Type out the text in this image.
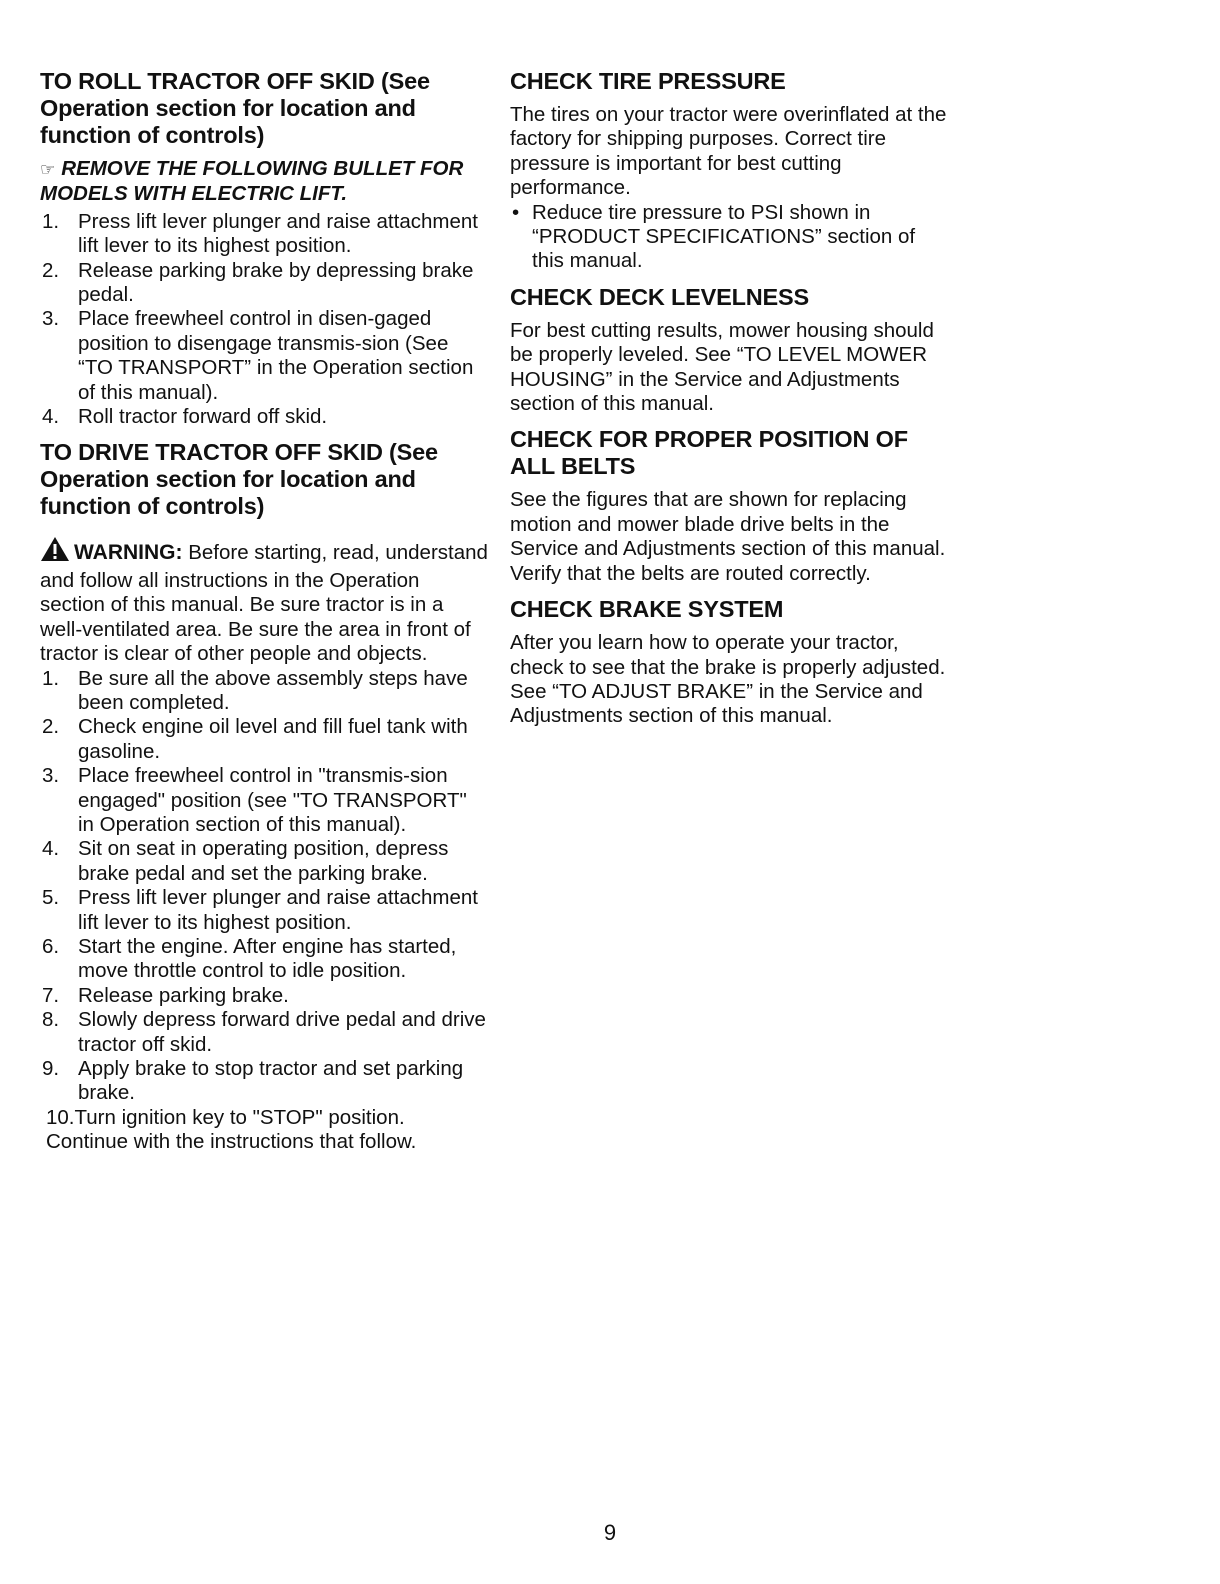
TO ROLL TRACTOR OFF SKID (See Operation section for location and function of controls)
☞ REMOVE THE FOLLOWING BULLET FOR MODELS WITH ELECTRIC LIFT.
1. Press lift lever plunger and raise attachment lift lever to its highest position.
2. Release parking brake by depressing brake pedal.
3. Place freewheel control in disen-gaged position to disengage transmis-sion (See “TO TRANSPORT” in the Operation section of this manual).
4. Roll tractor forward off skid.
TO DRIVE TRACTOR OFF SKID (See Operation section for location and function of controls)

WARNING: Before starting, read, understand and follow all instructions in the Operation section of this manual. Be sure tractor is in a well-ventilated area. Be sure the area in front of tractor is clear of other people and objects.

1. Be sure all the above assembly steps have been completed.
2. Check engine oil level and fill fuel tank with gasoline.
3. Place freewheel control in "transmis-sion engaged" position (see "TO TRANSPORT" in Operation section of this manual).
4. Sit on seat in operating position, depress brake pedal and set the parking brake.
5. Press lift lever plunger and raise attachment lift lever to its highest position.
6. Start the engine. After engine has started, move throttle control to idle position.
7. Release parking brake.
8. Slowly depress forward drive pedal and drive tractor off skid.
9. Apply brake to stop tractor and set parking brake.
10.Turn ignition key to "STOP" position.
Continue with the instructions that follow.
CHECK TIRE PRESSURE

The tires on your tractor were overinflated at the factory for shipping purposes. Correct tire pressure is important for best cutting performance.

• Reduce tire pressure to PSI shown in “PRODUCT SPECIFICATIONS” section of this manual.
CHECK DECK LEVELNESS

For best cutting results, mower housing should be properly leveled. See “TO LEVEL MOWER HOUSING” in the Service and Adjustments section of this manual.

CHECK FOR PROPER POSITION OF ALL BELTS

See the figures that are shown for replacing motion and mower blade drive belts in the Service and Adjustments section of this manual. Verify that the belts are routed correctly.

CHECK BRAKE SYSTEM

After you learn how to operate your tractor, check to see that the brake is properly adjusted. See “TO ADJUST BRAKE” in the Service and Adjustments section of this manual.

9
